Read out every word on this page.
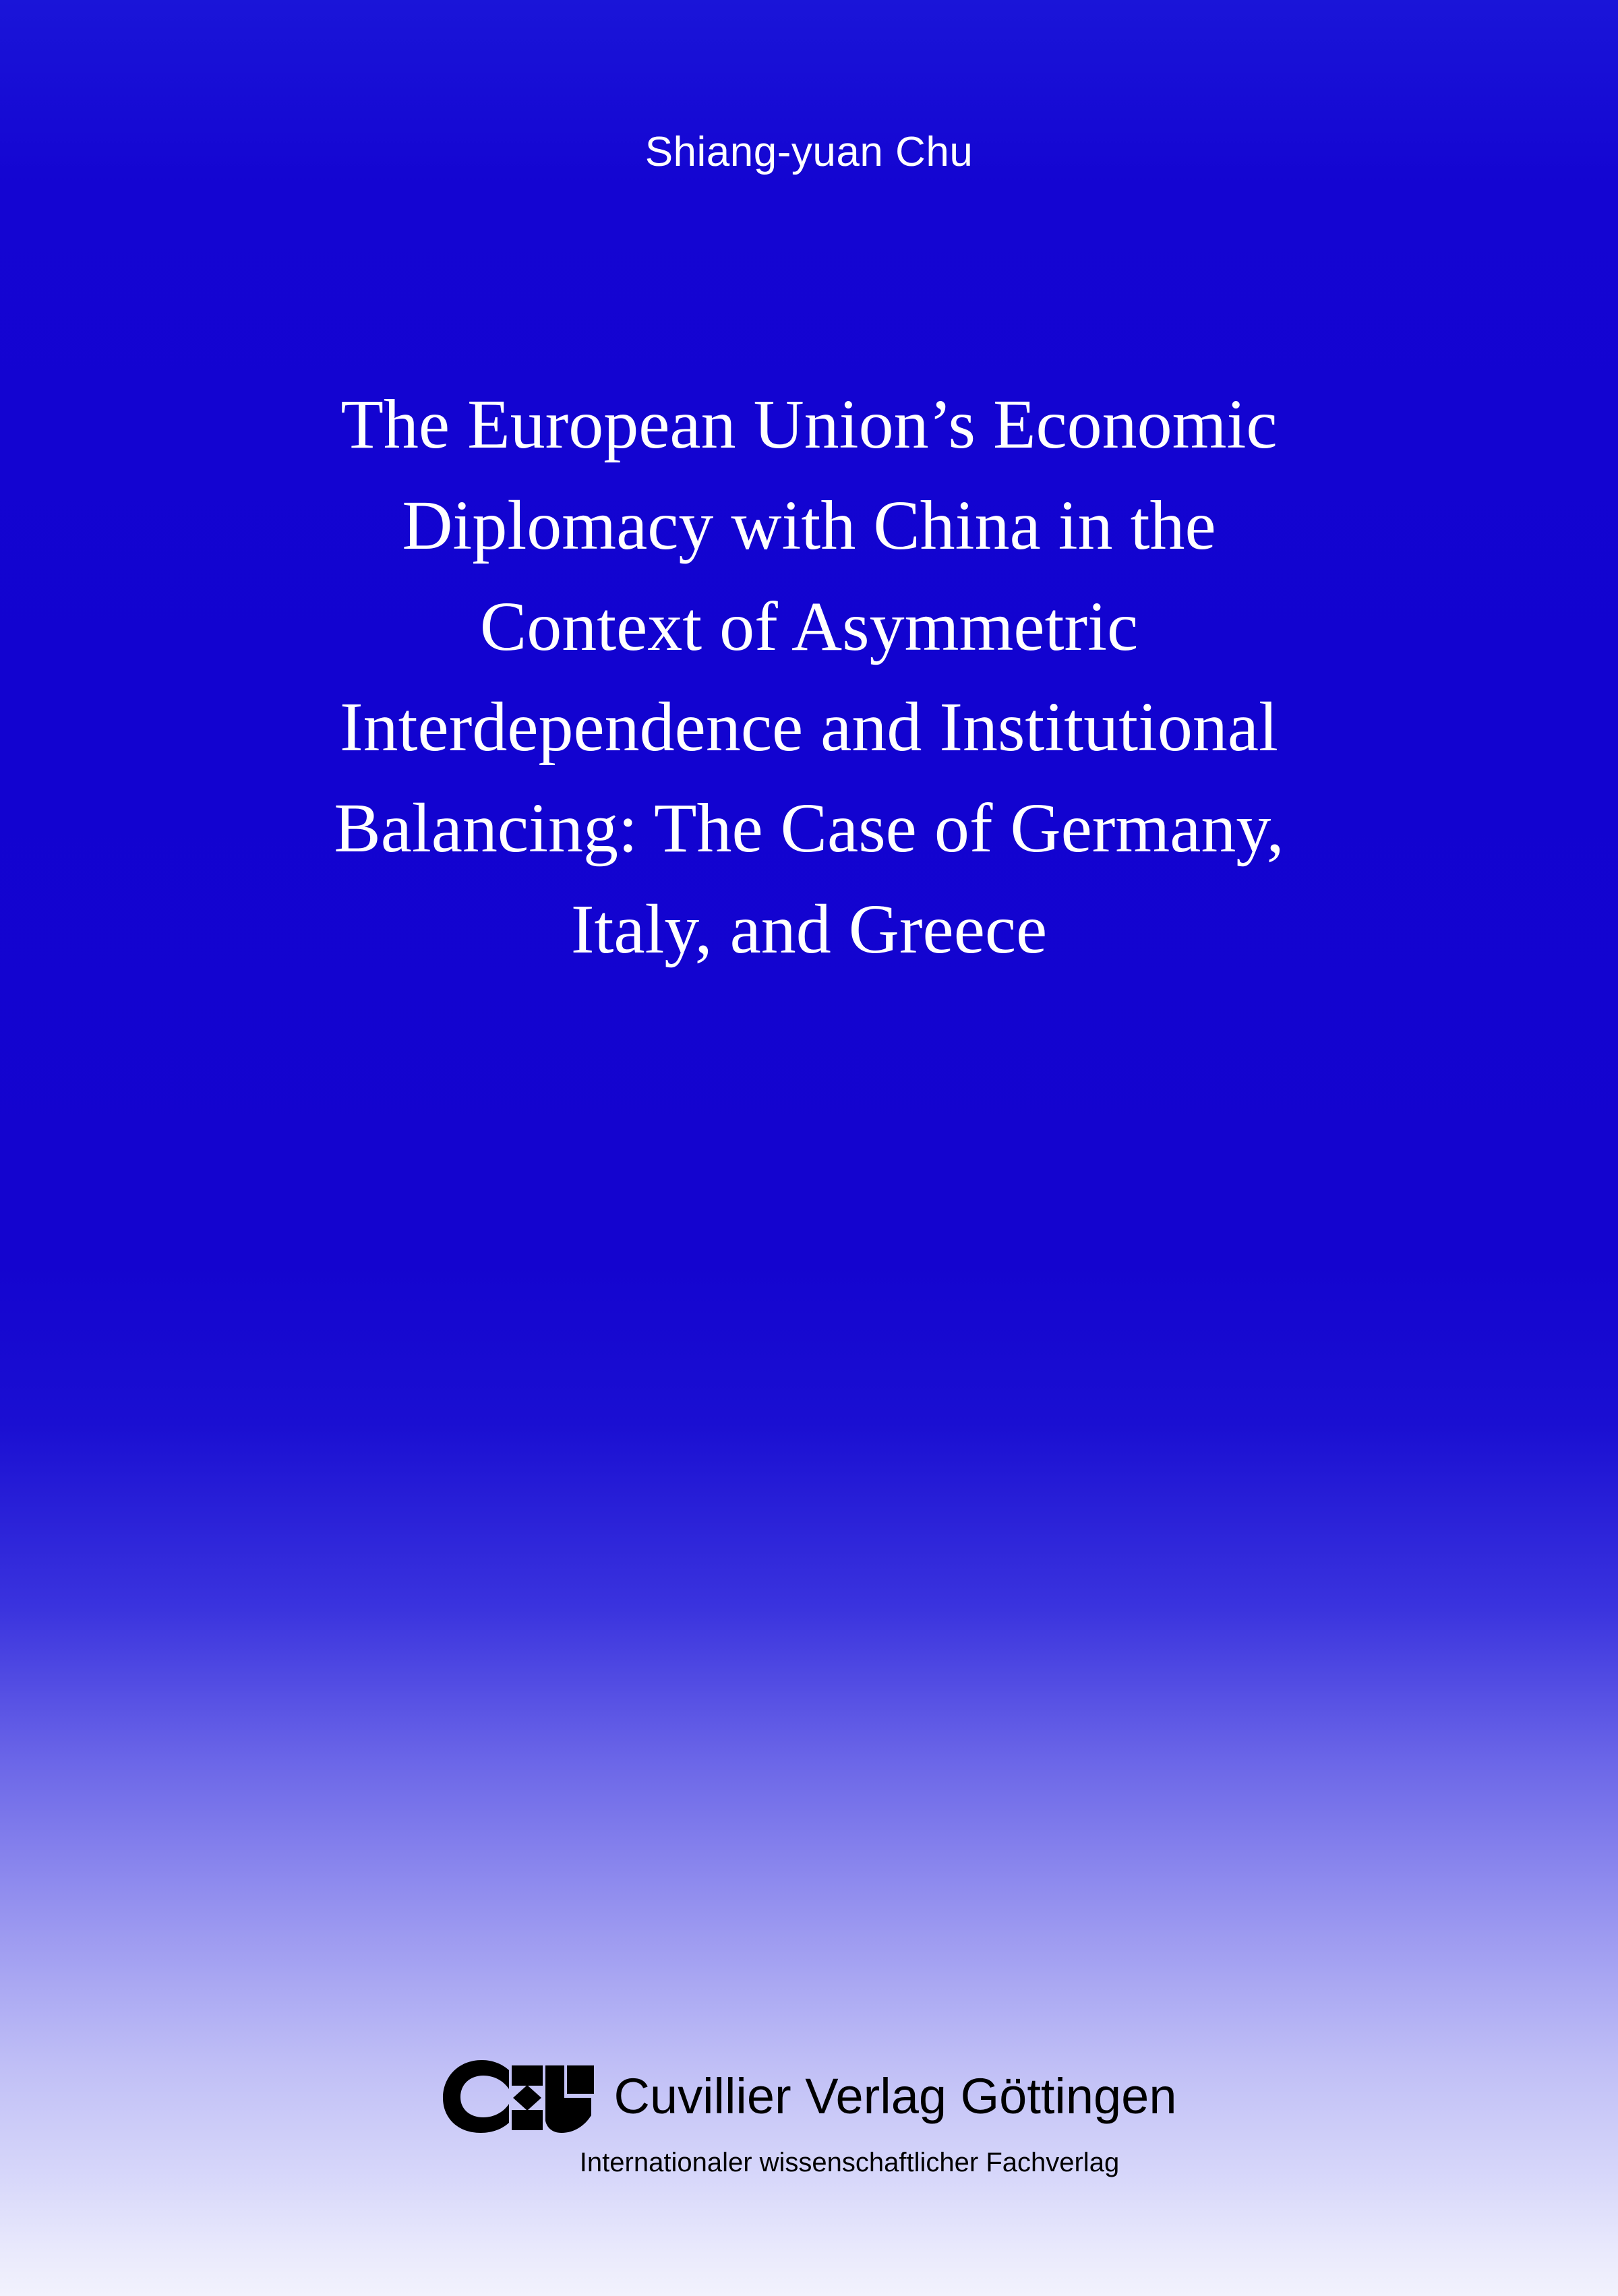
Shiang-yuan Chu
The European Union’s Economic
Diplomacy with China in the
Context of Asymmetric
Interdependence and Institutional
Balancing: The Case of Germany,
Italy, and Greece
Cuvillier Verlag Göttingen
Internationaler wissenschaftlicher Fachverlag
